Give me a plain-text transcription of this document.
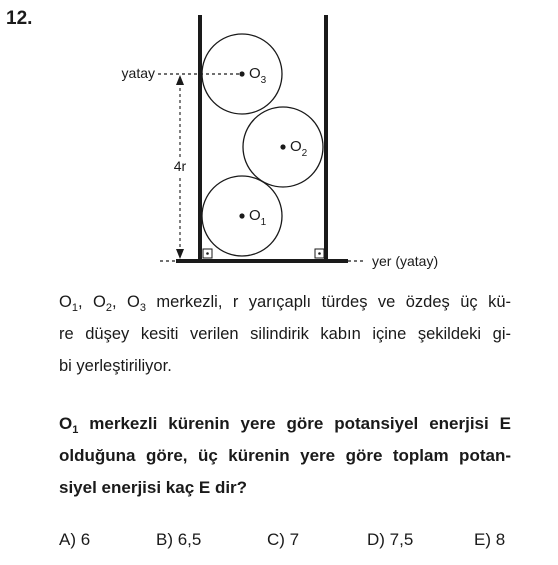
12.
$O_1$
$O_2$
$O_3$
yatay
yer (yatay)
4r
$O_1$, $O_2$, $O_3$ merkezli, r yarıçaplı türdeş ve özdeş üç kü-
re düşey kesiti verilen silindirik kabın içine şekildeki gi-
bi yerleştiriliyor.
$O_1$ merkezli kürenin yere göre potansiyel enerjisi E
olduğuna göre, üç kürenin yere göre toplam potan-
siyel enerjisi kaç E dir?
A) 6	B) 6,5	C) 7	D) 7,5	E) 8
